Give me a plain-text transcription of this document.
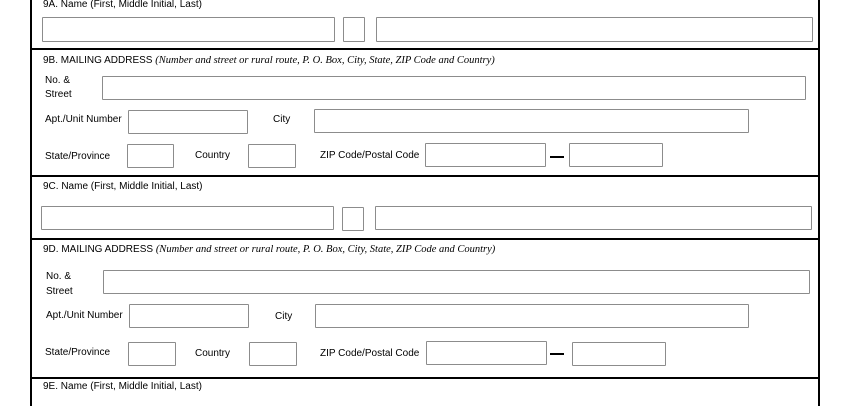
9A. Name (First, Middle Initial, Last)
9B. MAILING ADDRESS (Number and street or rural route, P. O. Box, City, State, ZIP Code and Country)
No. &
Street
Apt./Unit Number	City
State/Province	Country	ZIP Code/Postal Code
9C. Name (First, Middle Initial, Last)
9D. MAILING ADDRESS (Number and street or rural route, P. O. Box, City, State, ZIP Code and Country)
No. &
Street
Apt./Unit Number	City
State/Province	Country	ZIP Code/Postal Code
9E. Name (First, Middle Initial, Last)
